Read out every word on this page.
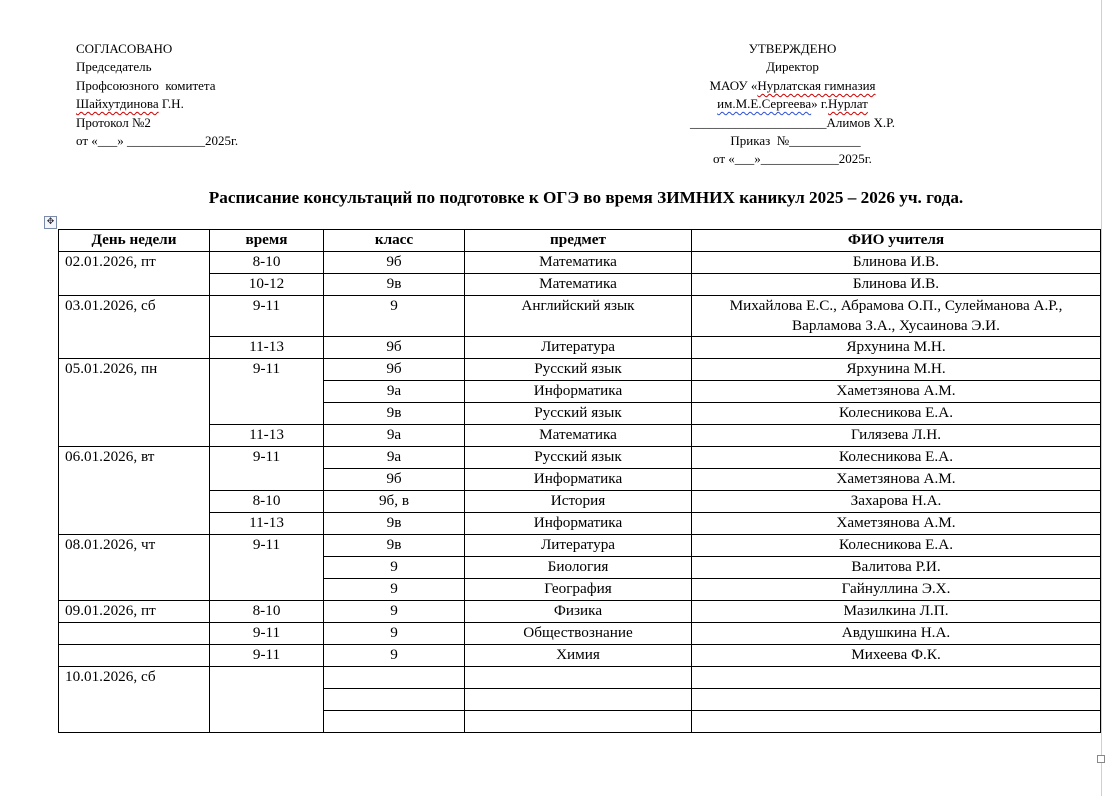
СОГЛАСОВАНО
Председатель
Профсоюзного  комитета
Шайхутдинова Г.Н.
Протокол №2
от «___» ____________2025г.
УТВЕРЖДЕНО
Директор
МАОУ «Нурлатская гимназия
им.М.Е.Сергеева» г.Нурлат
_____________________Алимов Х.Р.
Приказ  №___________
от «___»____________2025г.
Расписание консультаций по подготовке к ОГЭ во время ЗИМНИХ каникул 2025 – 2026 уч. года.
✥
День недели	время	класс	предмет	ФИО учителя
02.01.2026, пт	8-10	9б	Математика	Блинова И.В.
	10-12	9в	Математика	Блинова И.В.
03.01.2026, сб	9-11	9	Английский язык	Михайлова Е.С., Абрамова О.П., Сулейманова А.Р., Варламова З.А., Хусаинова Э.И.
	11-13	9б	Литература	Ярхунина М.Н.
05.01.2026, пн	9-11	9б	Русский язык	Ярхунина М.Н.
		9а	Информатика	Хаметзянова А.М.
		9в	Русский язык	Колесникова Е.А.
	11-13	9а	Математика	Гилязева Л.Н.
06.01.2026, вт	9-11	9а	Русский язык	Колесникова Е.А.
		9б	Информатика	Хаметзянова А.М.
	8-10	9б, в	История	Захарова Н.А.
	11-13	9в	Информатика	Хаметзянова А.М.
08.01.2026, чт	9-11	9в	Литература	Колесникова Е.А.
		9	Биология	Валитова Р.И.
		9	География	Гайнуллина Э.Х.
09.01.2026, пт	8-10	9	Физика	Мазилкина Л.П.
	9-11	9	Обществознание	Авдушкина Н.А.
	9-11	9	Химия	Михеева Ф.К.
10.01.2026, сб				
